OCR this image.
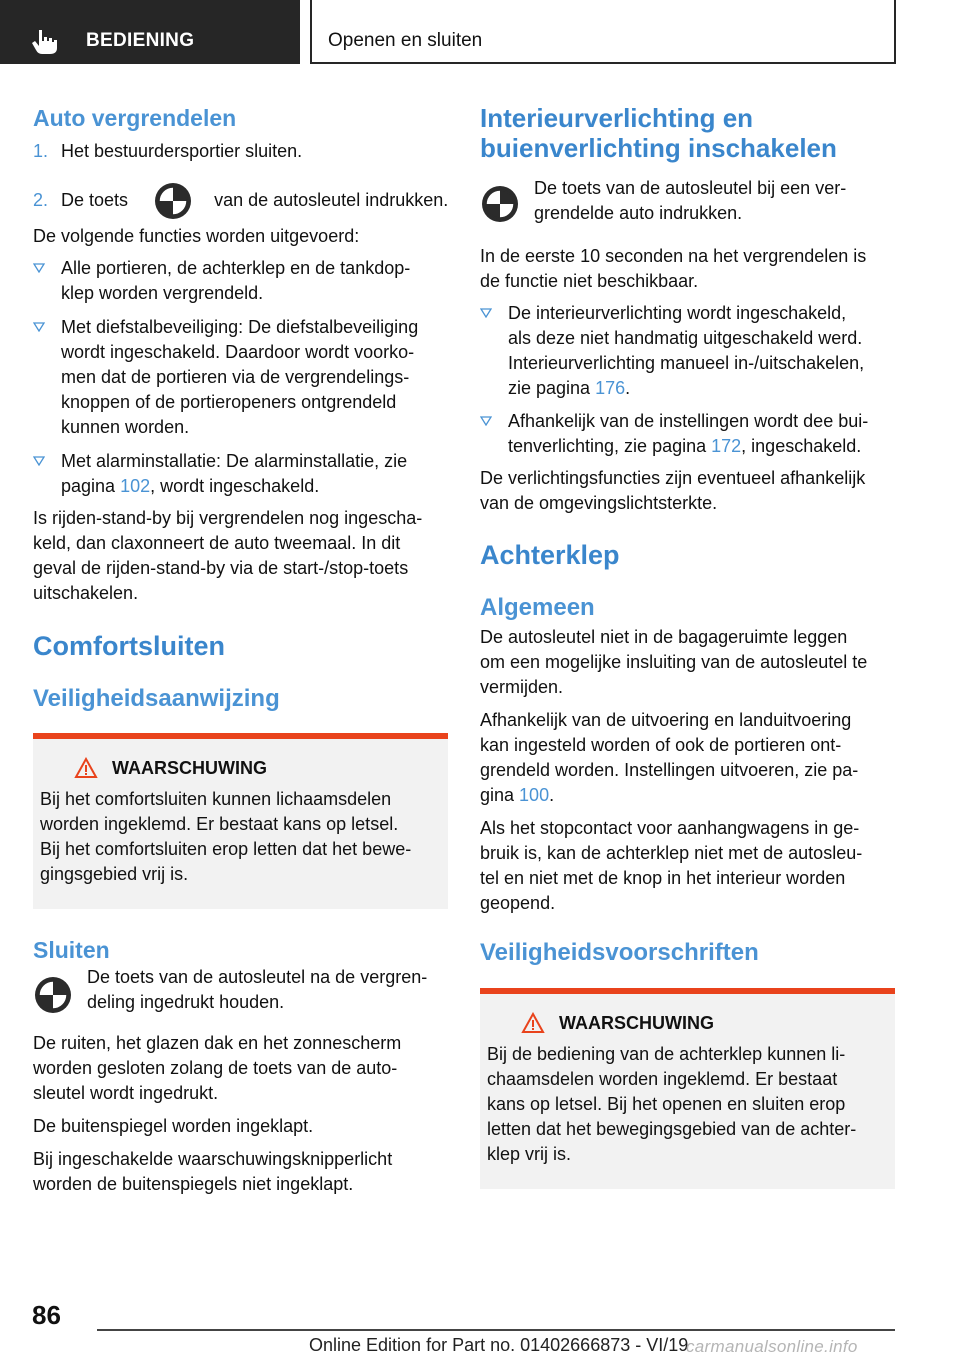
BEDIENING	Openen en sluiten
Auto vergrendelen
1. Het bestuurdersportier sluiten.
2. De toets	van de autosleutel indrukken.

De volgende functies worden uitgevoerd:

Alle portieren, de achterklep en de tankdop-
klep worden vergrendeld.
Met diefstalbeveiliging: De diefstalbeveiliging
wordt ingeschakeld. Daardoor wordt voorko-
men dat de portieren via de vergrendelings-
knoppen of de portieropeners ontgrendeld
kunnen worden.
Met alarminstallatie: De alarminstallatie, zie
pagina 102, wordt ingeschakeld.

Is rijden-stand-by bij vergrendelen nog ingescha-

keld, dan claxonneert de auto tweemaal. In dit

geval de rijden-stand-by via de start-/stop-toets

uitschakelen.

Comfortsluiten
Veiligheidsaanwijzing
WAARSCHUWING

Bij het comfortsluiten kunnen lichaamsdelen

worden ingeklemd. Er bestaat kans op letsel.

Bij het comfortsluiten erop letten dat het bewe-

gingsgebied vrij is.

Sluiten

De toets van de autosleutel na de vergren-

deling ingedrukt houden.

De ruiten, het glazen dak en het zonnescherm

worden gesloten zolang de toets van de auto-

sleutel wordt ingedrukt.

De buitenspiegel worden ingeklapt.

Bij ingeschakelde waarschuwingsknipperlicht

worden de buitenspiegels niet ingeklapt.

Interieurverlichting en
buienverlichting inschakelen

De toets van de autosleutel bij een ver-

grendelde auto indrukken.

In de eerste 10 seconden na het vergrendelen is

de functie niet beschikbaar.

De interieurverlichting wordt ingeschakeld,
als deze niet handmatig uitgeschakeld werd.
Interieurverlichting manueel in-/uitschakelen,
zie pagina 176.
Afhankelijk van de instellingen wordt dee bui-
tenverlichting, zie pagina 172, ingeschakeld.

De verlichtingsfuncties zijn eventueel afhankelijk

van de omgevingslichtsterkte.

Achterklep
Algemeen

De autosleutel niet in de bagageruimte leggen

om een mogelijke insluiting van de autosleutel te

vermijden.

Afhankelijk van de uitvoering en landuitvoering

kan ingesteld worden of ook de portieren ont-

grendeld worden. Instellingen uitvoeren, zie pa-

gina 100.

Als het stopcontact voor aanhangwagens in ge-

bruik is, kan de achterklep niet met de autosleu-

tel en niet met de knop in het interieur worden

geopend.

Veiligheidsvoorschriften
WAARSCHUWING

Bij de bediening van de achterklep kunnen li-

chaamsdelen worden ingeklemd. Er bestaat

kans op letsel. Bij het openen en sluiten erop

letten dat het bewegingsgebied van de achter-

klep vrij is.

86
Online Edition for Part no. 01402666873 - VI/19
carmanualsonline.info
